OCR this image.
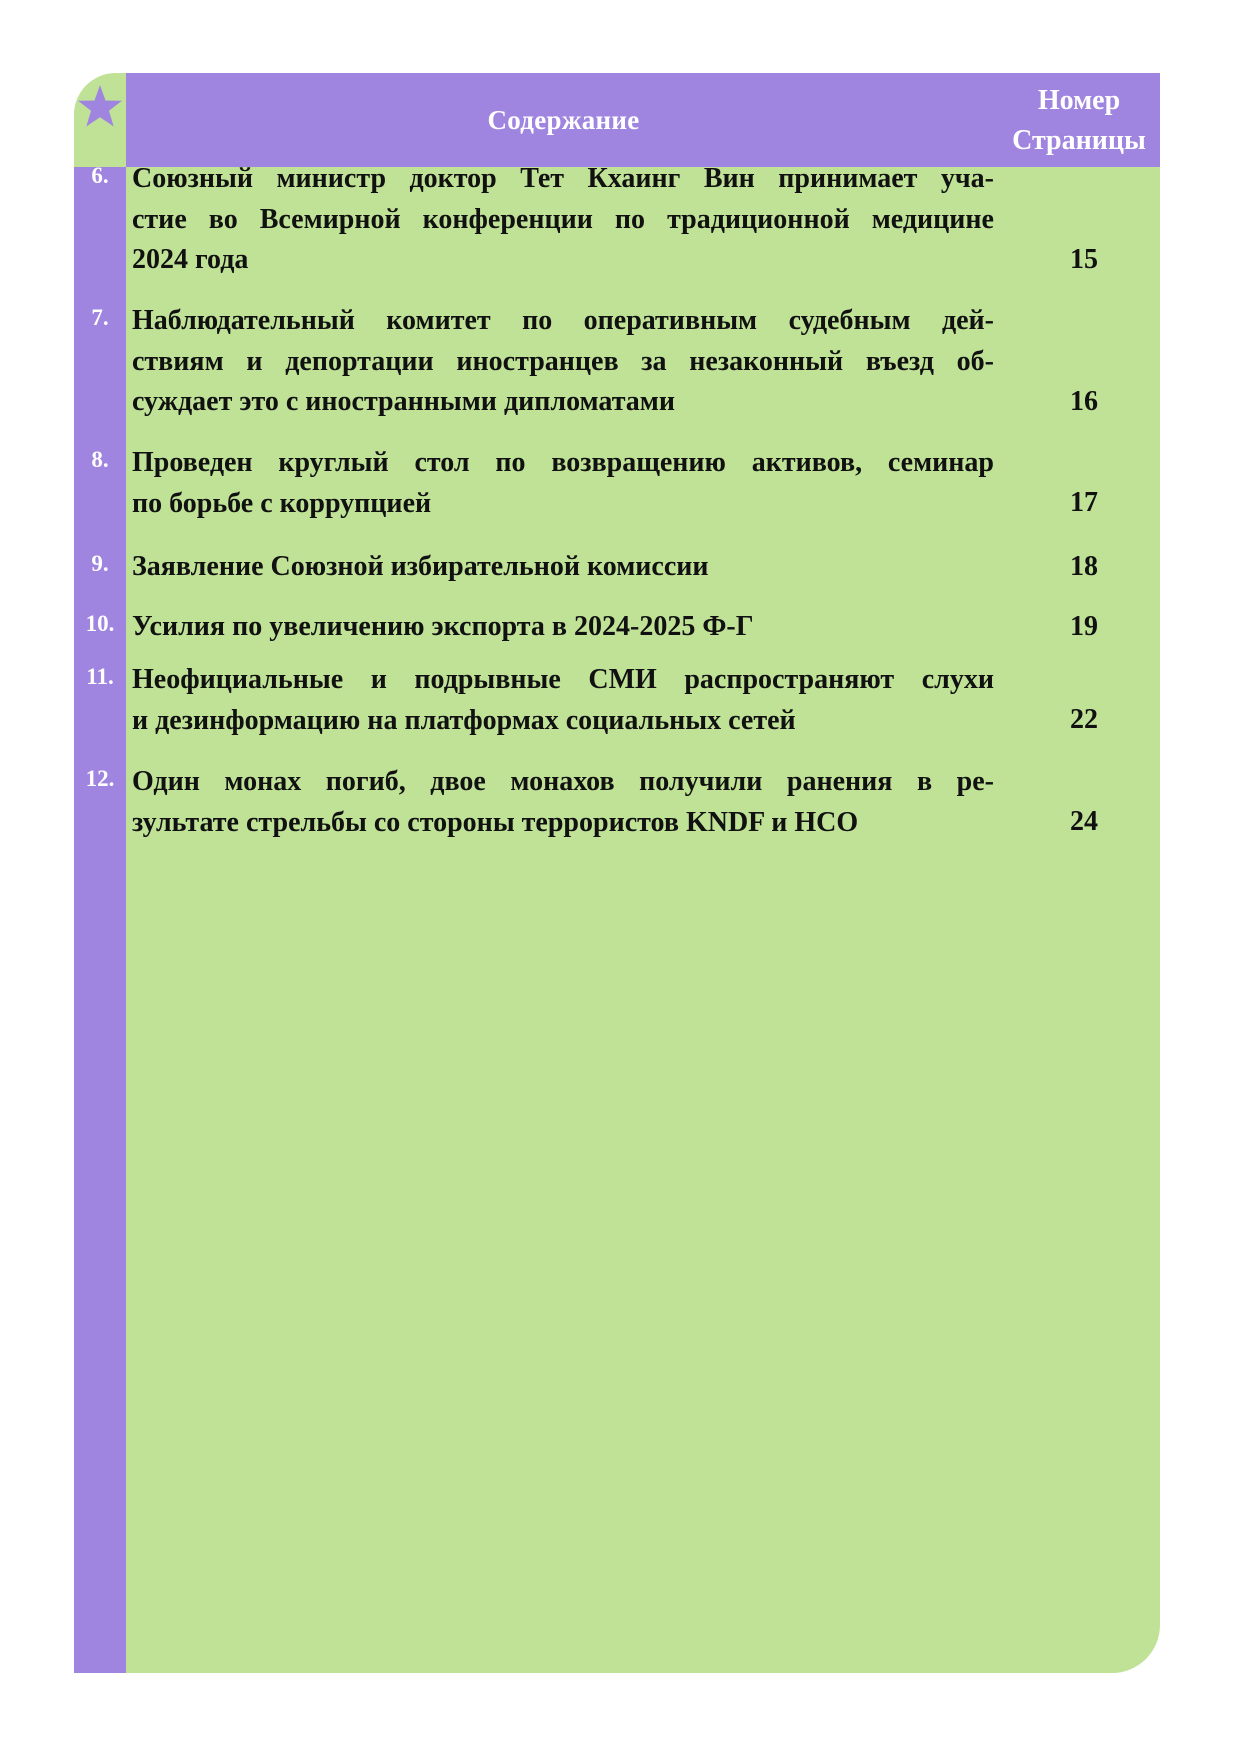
Содержание
Номер
Страницы
6. Союзный министр доктор Тет Кхаинг Вин принимает уча-
стие во Всемирной конференции по традиционной медицине
2024 года	15
7. Наблюдательный комитет по оперативным судебным дей-
ствиям и депортации иностранцев за незаконный въезд об-
суждает это с иностранными дипломатами	16
8. Проведен круглый стол по возвращению активов, семинар
по борьбе с коррупцией	17
9. Заявление Союзной избирательной комиссии	18
10. Усилия по увеличению экспорта в 2024-2025 Ф-Г	19
11. Неофициальные и подрывные СМИ распространяют слухи
и дезинформацию на платформах социальных сетей	22
12. Один монах погиб, двое монахов получили ранения в ре-
зультате стрельбы со стороны террористов KNDF и HCO	24
